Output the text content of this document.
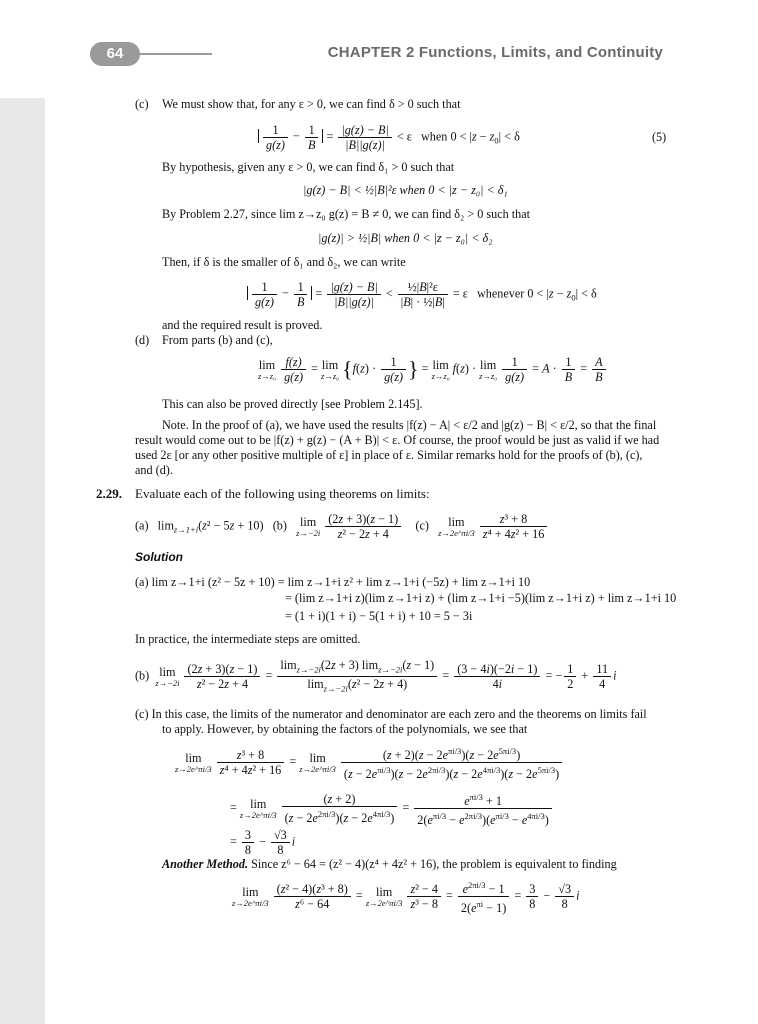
64	CHAPTER 2 Functions, Limits, and Continuity
(c) We must show that, for any ε > 0, we can find δ > 0 such that
$\frac{1}{g(z)} - \frac{1}{B} = \frac{|g(z) - B|}{|B||g(z)|} < \varepsilon$   when $0 < |z - z_0| < \delta$	(5)
By hypothesis, given any ε > 0, we can find δ₁ > 0 such that
|g(z) − B| < ½|B|²ε when 0 < |z − z₀| < δ₁
By Problem 2.27, since lim z→z₀ g(z) = B ≠ 0, we can find δ₂ > 0 such that
|g(z)| > ½|B| when 0 < |z − z₀| < δ₂
Then, if δ is the smaller of δ₁ and δ₂, we can write
$\frac{1}{g(z)} - \frac{1}{B} = \frac{|g(z) - B|}{|B||g(z)|} < \frac{\text{½|B|²ε}}{\text{|B| · ½|B|}} = \varepsilon$   whenever $0 < |z - z_0| < \delta$
and the required result is proved.
(d) From parts (b) and (c),
lim
$z\to z_0 \frac{f(z)}{g(z)} = \lim$
z→z₀ {$f(z) \cdot \frac{1}{g(z)}$ } = lim
z→z₀
f(z) · lim
$z\to z_0 \frac{1}{g(z)} = A \cdot \frac{1}{B} = \frac{A}{B}$
This can also be proved directly [see Problem 2.145].
Note. In the proof of (a), we have used the results |f(z) − A| < ε/2 and |g(z) − B| < ε/2, so that the final
result would come out to be |f(z) + g(z) − (A + B)| < ε. Of course, the proof would be just as valid if we had
used 2ε [or any other positive multiple of ε] in place of ε. Similar remarks hold for the proofs of (b), (c),
and (d).
2.29. Evaluate each of the following using theorems on limits:
(a)   $\lim_{z\to 1+i}(z^2 - 5z + 10)$   (b) lim
$z\to-2i \frac{(2z + 3)(z - 1)}{\text{z² − 2z + 4}} (c)$ lim
z→2e^πi/3 $\frac{\text{z³ + 8}}{\text{z⁴ + 4z² + 16}}$
Solution
(a) lim z→1+i (z² − 5z + 10) = lim z→1+i z² + lim z→1+i (−5z) + lim z→1+i 10
= (lim z→1+i z)(lim z→1+i z) + (lim z→1+i −5)(lim z→1+i z) + lim z→1+i 10
= (1 + i)(1 + i) − 5(1 + i) + 10 = 5 − 3i
In practice, the intermediate steps are omitted.
(b) lim
$z\to-2i \frac{(2z + 3)(z - 1)}{\text{z² − 2z + 4}} = \frac{\lim_{z\to-2i}(2z + 3) \lim_{z\to-2i}(z - 1)}{\lim_{z\to-2i}(z^2 - 2z + 4)} = \frac{(3 - 4i)(-2i - 1)}{4i}$ = − $\frac{1}{2} + \frac{11}{4}$ i
(c) In this case, the limits of the numerator and denominator are each zero and the theorems on limits fail
to apply. However, by obtaining the factors of the polynomials, we see that
lim
z→2e^πi/3 $\frac{\text{z³ + 8}}{\text{z⁴ + 4z² + 16}} = \lim$
z→2e^πi/3 $\frac{(z + 2)(z - 2e^{\pi i/3})(z - 2e^{5\pi i/3})}{(z - 2e^{\pi i/3})(z - 2e^{2\pi i/3})(z - 2e^{4\pi i/3})(z - 2e^{5\pi i/3})}$
= lim
z→2e^πi/3 $\frac{(z + 2)}{(z - 2e^{2\pi i/3})(z - 2e^{4\pi i/3})} = \frac{e^{\pi i/3} + 1}{2(e^{\pi i/3} - e^{2\pi i/3})(e^{\pi i/3} - e^{4\pi i/3})}$
= $\frac{3}{8} - \frac{√3}{8}$ i
Another Method. Since z⁶ − 64 = (z² − 4)(z⁴ + 4z² + 16), the problem is equivalent to finding
lim
z→2e^πi/3 $\frac{\text{(z² − 4)(z³ + 8)}}{\text{z⁶ − 64}} = \lim$
z→2e^πi/3 $\frac{\text{z² − 4}}{\text{z³ − 8}} = \frac{e^{2\pi i/3} - 1}{2(e^{\pi i} - 1)} = \frac{3}{8} - \frac{√3}{8}$ i
